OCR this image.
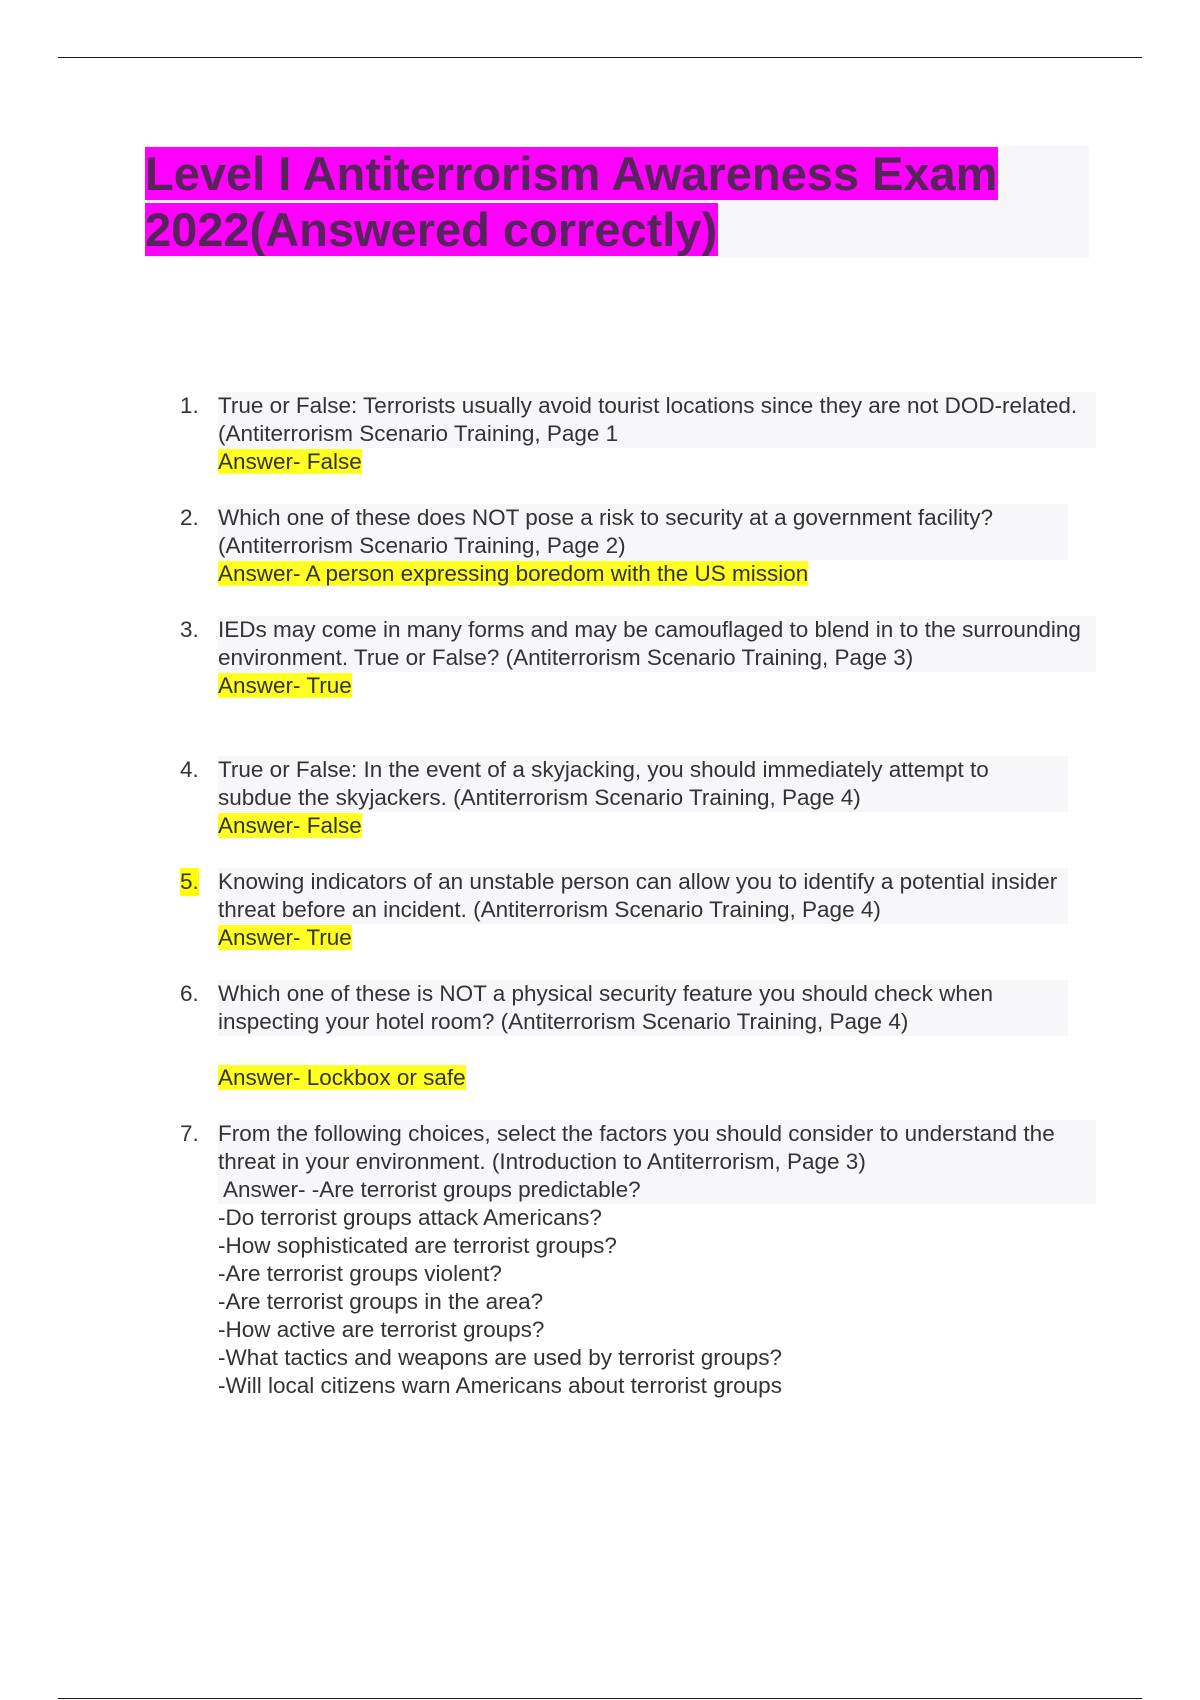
Level I Antiterrorism Awareness Exam
2022(Answered correctly)
1. True or False: Terrorists usually avoid tourist locations since they are not DOD-related. (Antiterrorism Scenario Training, Page 1
Answer- False
2. Which one of these does NOT pose a risk to security at a government facility? (Antiterrorism Scenario Training, Page 2)
Answer- A person expressing boredom with the US mission
3. IEDs may come in many forms and may be camouflaged to blend in to the surrounding environment. True or False? (Antiterrorism Scenario Training, Page 3)
Answer- True
4. True or False: In the event of a skyjacking, you should immediately attempt to subdue the skyjackers. (Antiterrorism Scenario Training, Page 4)
Answer- False
5. Knowing indicators of an unstable person can allow you to identify a potential insider threat before an incident. (Antiterrorism Scenario Training, Page 4)
Answer- True
6. Which one of these is NOT a physical security feature you should check when inspecting your hotel room? (Antiterrorism Scenario Training, Page 4)
Answer- Lockbox or safe
7. From the following choices, select the factors you should consider to understand the threat in your environment. (Introduction to Antiterrorism, Page 3)
Answer- -Are terrorist groups predictable?
-Do terrorist groups attack Americans?
-How sophisticated are terrorist groups?
-Are terrorist groups violent?
-Are terrorist groups in the area?
-How active are terrorist groups?
-What tactics and weapons are used by terrorist groups?
-Will local citizens warn Americans about terrorist groups
